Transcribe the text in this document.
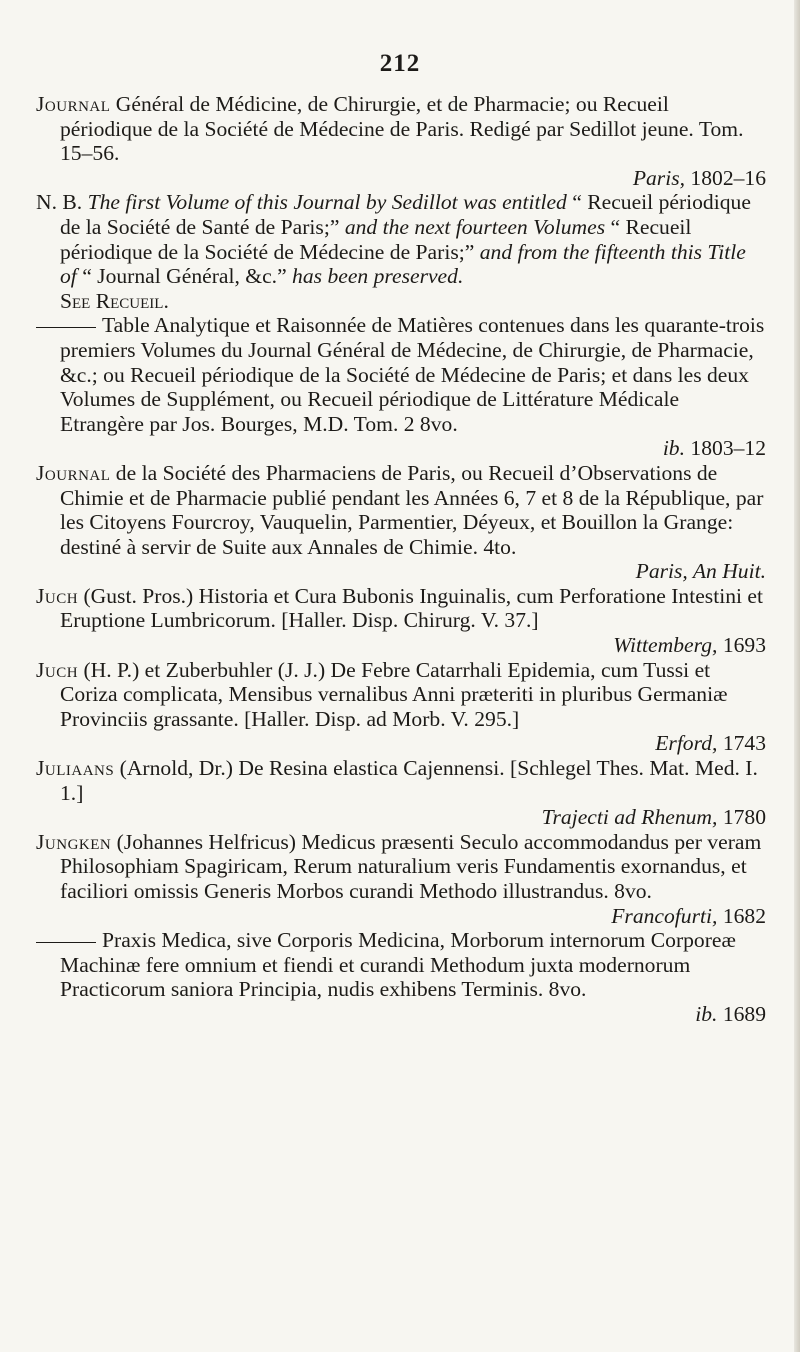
212

Journal Général de Médicine, de Chirurgie, et de Pharmacie; ou Recueil périodique de la Société de Médecine de Paris. Redigé par Sedillot jeune. Tom. 15–56.
Paris, 1802–16

N. B. The first Volume of this Journal by Sedillot was entitled “ Recueil périodique de la Société de Santé de Paris;” and the next fourteen Volumes “ Recueil périodique de la Société de Médecine de Paris;” and from the fifteenth this Title of “ Journal Général, &c.” has been preserved.
See Recueil.

Table Analytique et Raisonnée de Matières contenues dans les quarante-trois premiers Volumes du Journal Général de Médecine, de Chirurgie, de Pharmacie, &c.; ou Recueil périodique de la Société de Médecine de Paris; et dans les deux Volumes de Supplément, ou Recueil périodique de Littérature Médicale Etrangère par Jos. Bourges, M.D. Tom. 2 8vo.
ib. 1803–12

Journal de la Société des Pharmaciens de Paris, ou Recueil d’Observations de Chimie et de Pharmacie publié pendant les Années 6, 7 et 8 de la République, par les Citoyens Fourcroy, Vauquelin, Parmentier, Déyeux, et Bouillon la Grange: destiné à servir de Suite aux Annales de Chimie. 4to.
Paris, An Huit.

Juch (Gust. Pros.) Historia et Cura Bubonis Inguinalis, cum Perforatione Intestini et Eruptione Lumbricorum. [Haller. Disp. Chirurg. V. 37.]
Wittemberg, 1693

Juch (H. P.) et Zuberbuhler (J. J.) De Febre Catarrhali Epidemia, cum Tussi et Coriza complicata, Mensibus vernalibus Anni præteriti in pluribus Germaniæ Provinciis grassante. [Haller. Disp. ad Morb. V. 295.]
Erford, 1743

Juliaans (Arnold, Dr.) De Resina elastica Cajennensi. [Schlegel Thes. Mat. Med. I. 1.]
Trajecti ad Rhenum, 1780

Jungken (Johannes Helfricus) Medicus præsenti Seculo accommodandus per veram Philosophiam Spagiricam, Rerum naturalium veris Fundamentis exornandus, et faciliori omissis Generis Morbos curandi Methodo illustrandus. 8vo.
Francofurti, 1682

Praxis Medica, sive Corporis Medicina, Morborum internorum Corporeæ Machinæ fere omnium et fiendi et curandi Methodum juxta modernorum Practicorum saniora Principia, nudis exhibens Terminis. 8vo.
ib. 1689
